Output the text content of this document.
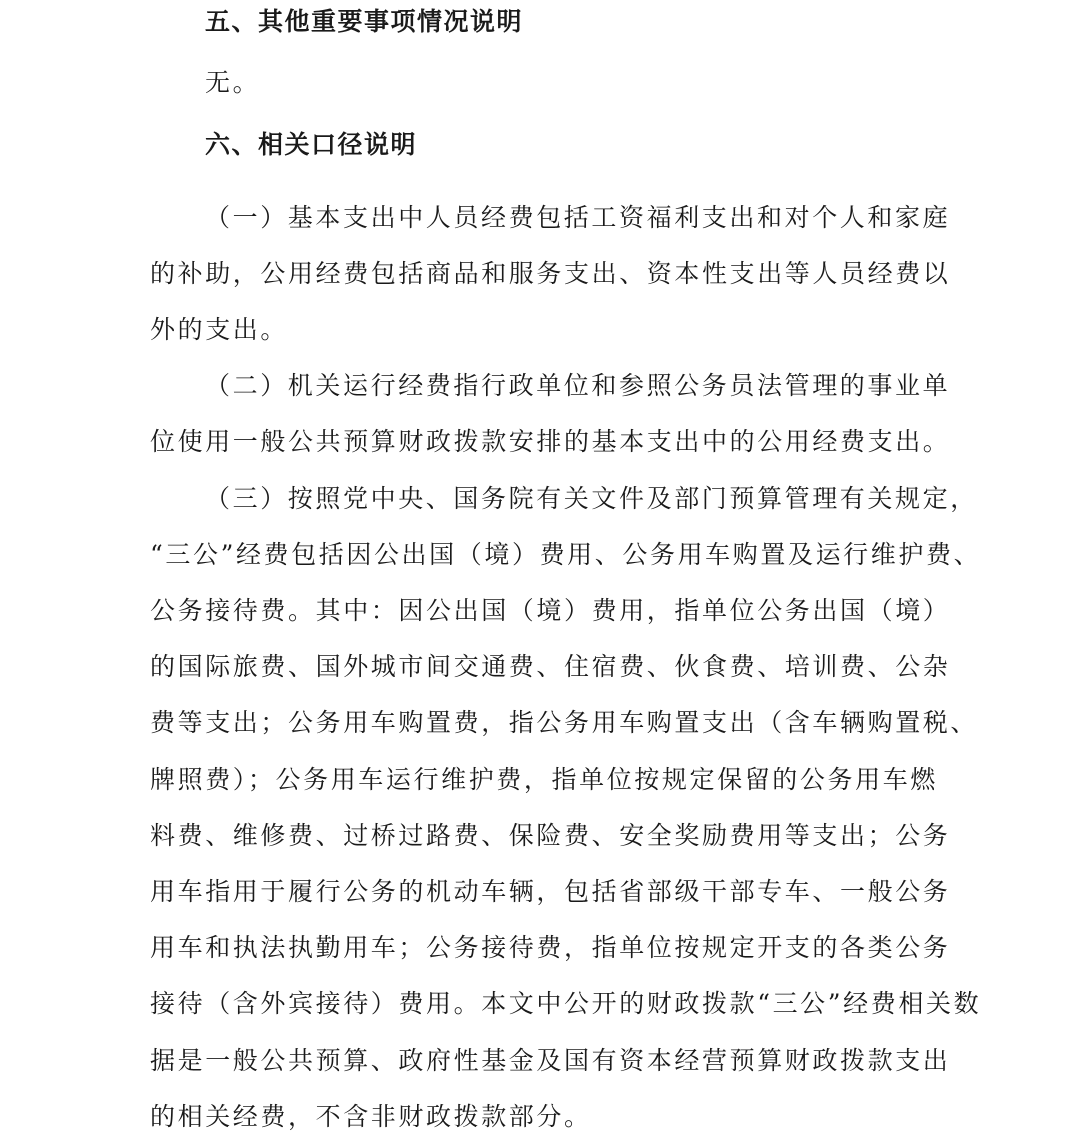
五、其他重要事项情况说明
无。
六、相关口径说明
（一）基本支出中人员经费包括工资福利支出和对个人和家庭
的补助，公用经费包括商品和服务支出、资本性支出等人员经费以
外的支出。
（二）机关运行经费指行政单位和参照公务员法管理的事业单
位使用一般公共预算财政拨款安排的基本支出中的公用经费支出。
（三）按照党中央、国务院有关文件及部门预算管理有关规定，
“三公”经费包括因公出国（境）费用、公务用车购置及运行维护费、
公务接待费。其中：因公出国（境）费用，指单位公务出国（境）
的国际旅费、国外城市间交通费、住宿费、伙食费、培训费、公杂
费等支出；公务用车购置费，指公务用车购置支出（含车辆购置税、
牌照费）；公务用车运行维护费，指单位按规定保留的公务用车燃
料费、维修费、过桥过路费、保险费、安全奖励费用等支出；公务
用车指用于履行公务的机动车辆，包括省部级干部专车、一般公务
用车和执法执勤用车；公务接待费，指单位按规定开支的各类公务
接待（含外宾接待）费用。本文中公开的财政拨款“三公”经费相关数
据是一般公共预算、政府性基金及国有资本经营预算财政拨款支出
的相关经费，不含非财政拨款部分。
